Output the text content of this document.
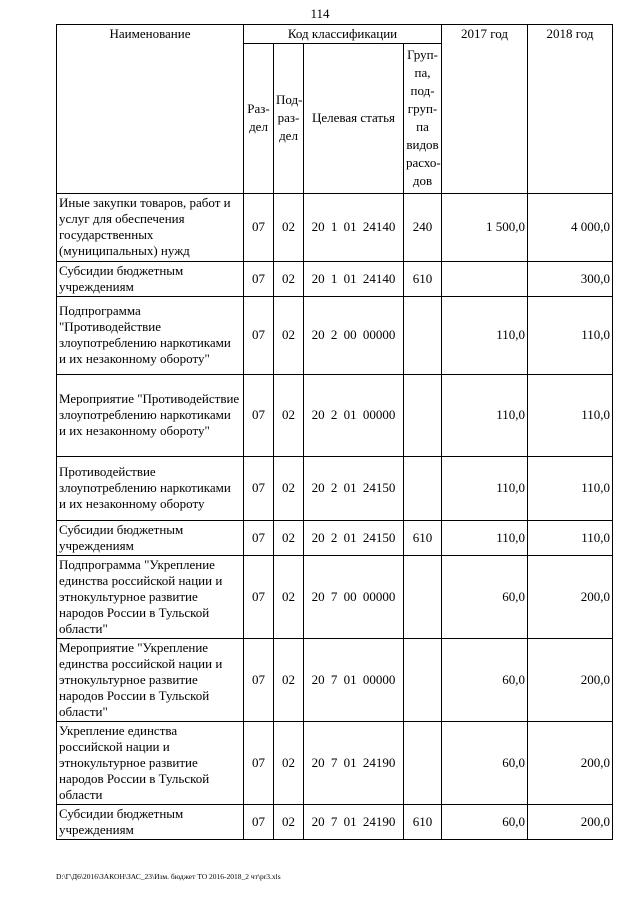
114
Наименование	Код классификации				2017 год	2018 год
	Раз-дел	Под-раз-дел	Целевая статья	Груп-па, под-груп-па видов расхо-дов		
Иные закупки товаров, работ и услуг для обеспечения государственных (муниципальных) нужд	07	02	20 1 01 24140	240	1 500,0	4 000,0
Субсидии бюджетным учреждениям	07	02	20 1 01 24140	610		300,0
Подпрограмма "Противодействие злоупотреблению наркотиками и их незаконному обороту"	07	02	20 2 00 00000		110,0	110,0
Мероприятие "Противодействие злоупотреблению наркотиками и их незаконному обороту"	07	02	20 2 01 00000		110,0	110,0
Противодействие злоупотреблению наркотиками и их незаконному обороту	07	02	20 2 01 24150		110,0	110,0
Субсидии бюджетным учреждениям	07	02	20 2 01 24150	610	110,0	110,0
Подпрограмма "Укрепление единства российской нации и этнокультурное развитие народов России в Тульской области"	07	02	20 7 00 00000		60,0	200,0
Мероприятие "Укрепление единства российской нации и этнокультурное развитие народов России в Тульской области"	07	02	20 7 01 00000		60,0	200,0
Укрепление единства российской нации и этнокультурное развитие народов России в Тульской области	07	02	20 7 01 24190		60,0	200,0
Субсидии бюджетным учреждениям	07	02	20 7 01 24190	610	60,0	200,0
D:\Г\Д6\2016\ЗАКОН\ЗАС_23\Изм. бюджет ТО 2016-2018_2 чт\pr3.xls
